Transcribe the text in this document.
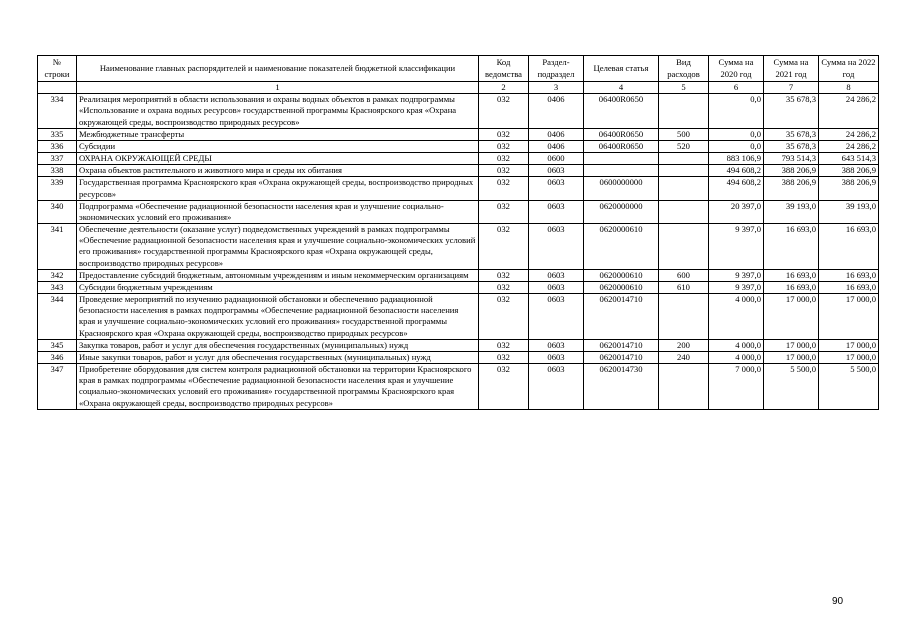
№ строки	Наименование главных распорядителей и наименование показателей бюджетной классификации	Код ведомства	Раздел-подраздел	Целевая статья	Вид расходов	Сумма на 2020 год	Сумма на 2021 год	Сумма на 2022 год
	1	2	3	4	5	6	7	8
334	Реализация мероприятий в области использования и охраны водных объектов в рамках подпрограммы «Использование и охрана водных ресурсов» государственной программы Красноярского края «Охрана окружающей среды, воспроизводство природных ресурсов»	032	0406	06400R0650		0,0	35 678,3	24 286,2
335	Межбюджетные трансферты	032	0406	06400R0650	500	0,0	35 678,3	24 286,2
336	Субсидии	032	0406	06400R0650	520	0,0	35 678,3	24 286,2
337	ОХРАНА ОКРУЖАЮЩЕЙ СРЕДЫ	032	0600			883 106,9	793 514,3	643 514,3
338	Охрана объектов растительного и животного мира и среды их обитания	032	0603			494 608,2	388 206,9	388 206,9
339	Государственная программа Красноярского края «Охрана окружающей среды, воспроизводство природных ресурсов»	032	0603	0600000000		494 608,2	388 206,9	388 206,9
340	Подпрограмма «Обеспечение радиационной безопасности населения края и улучшение социально-экономических условий его проживания»	032	0603	0620000000		20 397,0	39 193,0	39 193,0
341	Обеспечение деятельности (оказание услуг) подведомственных учреждений в рамках подпрограммы «Обеспечение радиационной безопасности населения края и улучшение социально-экономических условий его проживания» государственной программы Красноярского края «Охрана окружающей среды, воспроизводство природных ресурсов»	032	0603	0620000610		9 397,0	16 693,0	16 693,0
342	Предоставление субсидий бюджетным, автономным учреждениям и иным некоммерческим организациям	032	0603	0620000610	600	9 397,0	16 693,0	16 693,0
343	Субсидии бюджетным учреждениям	032	0603	0620000610	610	9 397,0	16 693,0	16 693,0
344	Проведение мероприятий по изучению радиационной обстановки и обеспечению радиационной безопасности населения в рамках подпрограммы «Обеспечение радиационной безопасности населения края и улучшение социально-экономических условий его проживания» государственной программы Красноярского края «Охрана окружающей среды, воспроизводство природных ресурсов»	032	0603	0620014710		4 000,0	17 000,0	17 000,0
345	Закупка товаров, работ и услуг для обеспечения государственных (муниципальных) нужд	032	0603	0620014710	200	4 000,0	17 000,0	17 000,0
346	Иные закупки товаров, работ и услуг для обеспечения государственных (муниципальных) нужд	032	0603	0620014710	240	4 000,0	17 000,0	17 000,0
347	Приобретение оборудования для систем контроля радиационной обстановки на территории Красноярского края в рамках подпрограммы «Обеспечение радиационной безопасности населения края и улучшение социально-экономических условий его проживания» государственной программы Красноярского края «Охрана окружающей среды, воспроизводство природных ресурсов»	032	0603	0620014730		7 000,0	5 500,0	5 500,0
90
